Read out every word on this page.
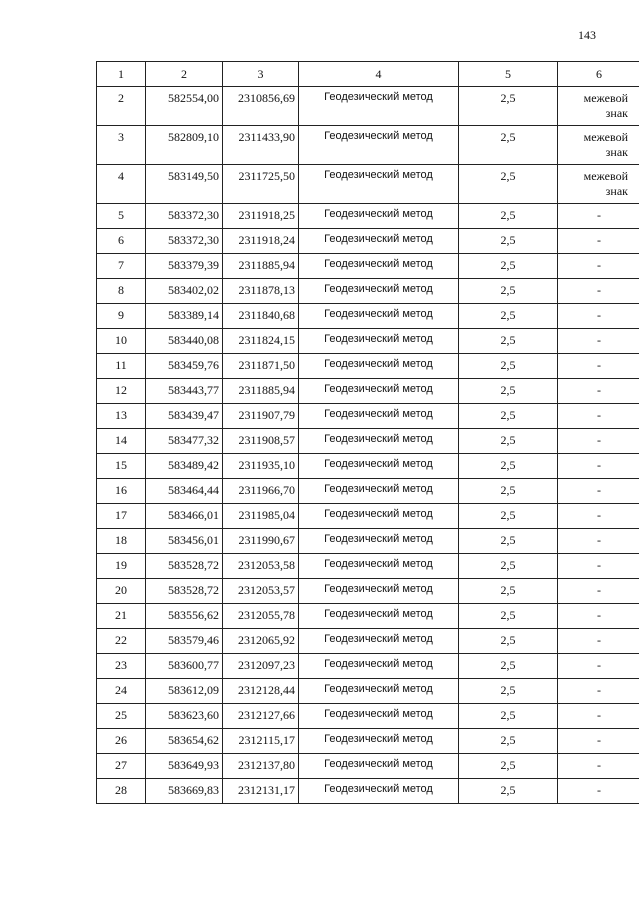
143
1	2	3	4	5	6
2	582554,00	2310856,69	Геодезический метод	2,5	межевой знак
3	582809,10	2311433,90	Геодезический метод	2,5	межевой знак
4	583149,50	2311725,50	Геодезический метод	2,5	межевой знак
5	583372,30	2311918,25	Геодезический метод	2,5	-
6	583372,30	2311918,24	Геодезический метод	2,5	-
7	583379,39	2311885,94	Геодезический метод	2,5	-
8	583402,02	2311878,13	Геодезический метод	2,5	-
9	583389,14	2311840,68	Геодезический метод	2,5	-
10	583440,08	2311824,15	Геодезический метод	2,5	-
11	583459,76	2311871,50	Геодезический метод	2,5	-
12	583443,77	2311885,94	Геодезический метод	2,5	-
13	583439,47	2311907,79	Геодезический метод	2,5	-
14	583477,32	2311908,57	Геодезический метод	2,5	-
15	583489,42	2311935,10	Геодезический метод	2,5	-
16	583464,44	2311966,70	Геодезический метод	2,5	-
17	583466,01	2311985,04	Геодезический метод	2,5	-
18	583456,01	2311990,67	Геодезический метод	2,5	-
19	583528,72	2312053,58	Геодезический метод	2,5	-
20	583528,72	2312053,57	Геодезический метод	2,5	-
21	583556,62	2312055,78	Геодезический метод	2,5	-
22	583579,46	2312065,92	Геодезический метод	2,5	-
23	583600,77	2312097,23	Геодезический метод	2,5	-
24	583612,09	2312128,44	Геодезический метод	2,5	-
25	583623,60	2312127,66	Геодезический метод	2,5	-
26	583654,62	2312115,17	Геодезический метод	2,5	-
27	583649,93	2312137,80	Геодезический метод	2,5	-
28	583669,83	2312131,17	Геодезический метод	2,5	-
